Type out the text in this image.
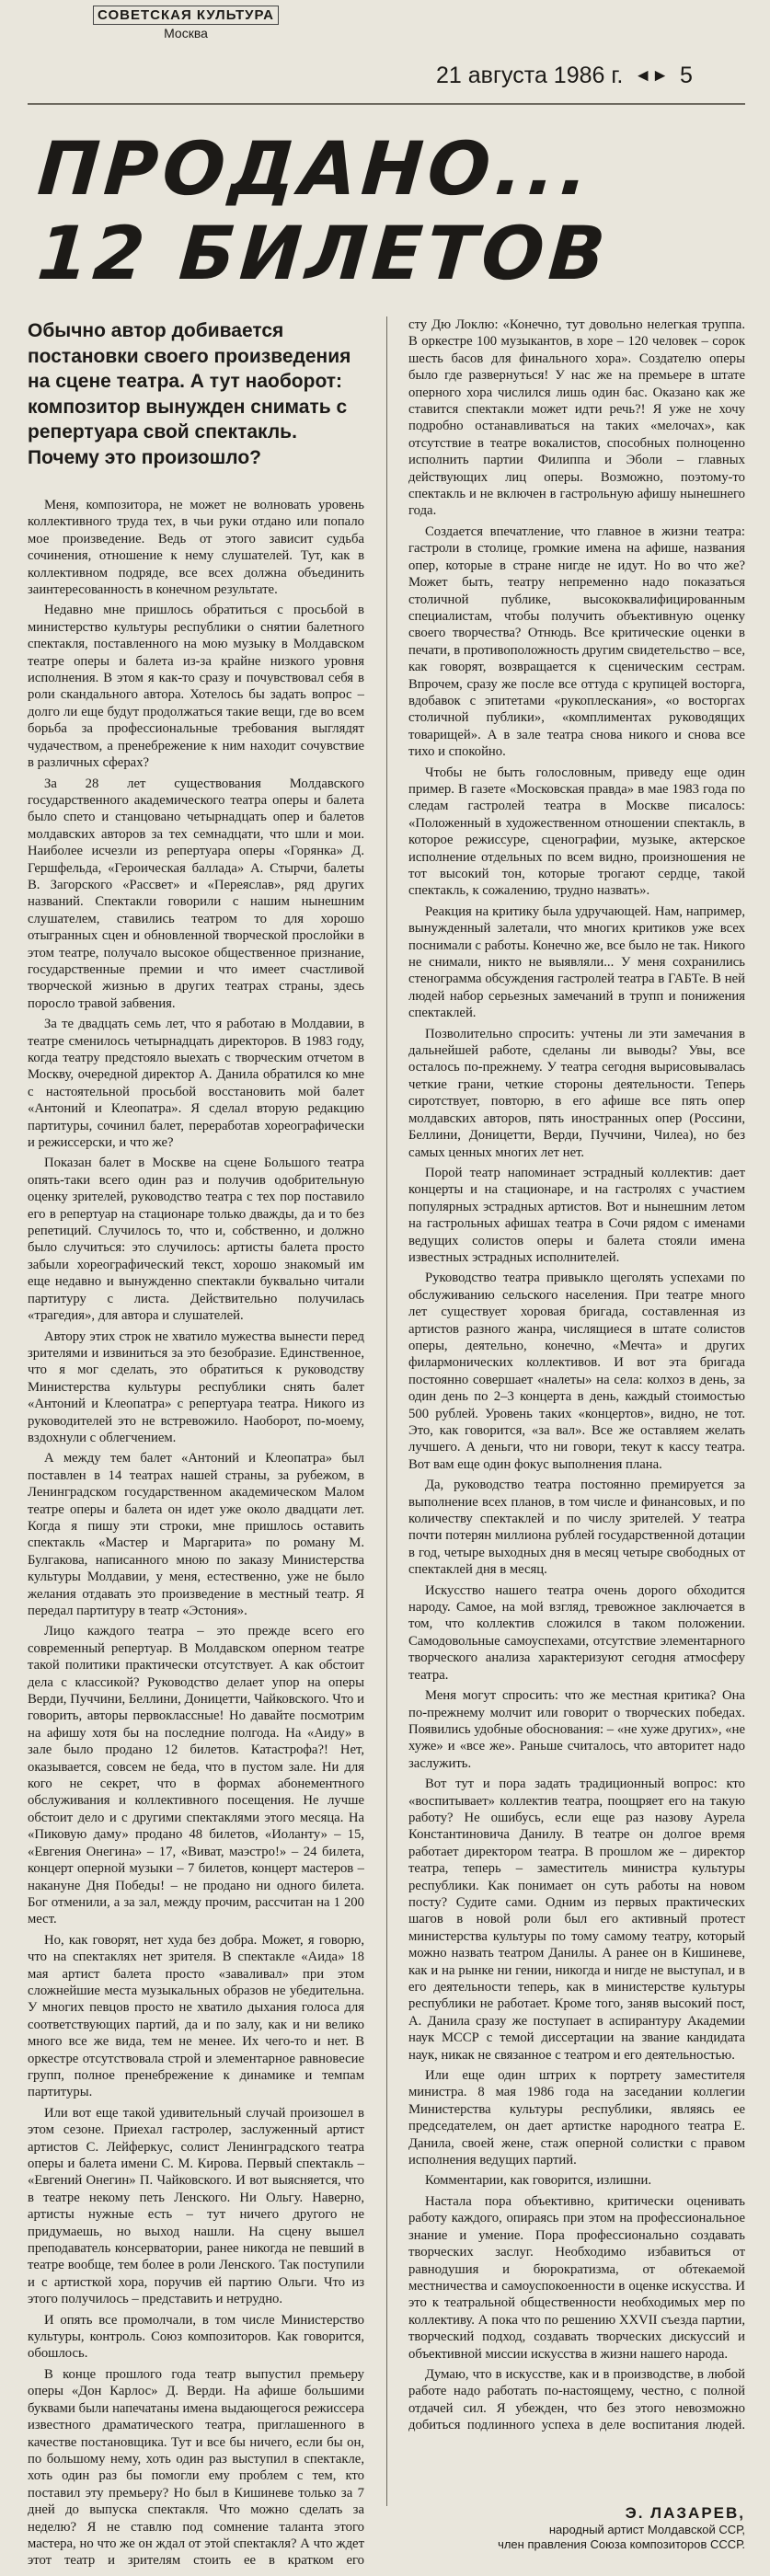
СОВЕТСКАЯ КУЛЬТУРА
Москва
21 августа 1986 г. ◄► 5
ПРОДАНО...
12 БИЛЕТОВ
Обычно автор добивается постановки своего произведения на сцене театра. А тут наоборот: композитор вынужден снимать с репертуара свой спектакль. Почему это произошло?

Меня, композитора, не может не волновать уровень коллективного труда тех, в чьи руки отдано или попало мое произведение. Ведь от этого зависит судьба сочинения, отношение к нему слушателей. Тут, как в коллективном подряде, все всех должна объединить заинтересованность в конечном результате.

Недавно мне пришлось обратиться с просьбой в министерство культуры республики о снятии балетного спектакля, поставленного на мою музыку в Молдавском театре оперы и балета из-за крайне низкого уровня исполнения. В этом я как-то сразу и почувствовал себя в роли скандального автора. Хотелось бы задать вопрос – долго ли еще будут продолжаться такие вещи, где во всем борьба за профессиональные требования выглядят чудачеством, а пренебрежение к ним находит сочувствие в различных сферах?

За 28 лет существования Молдавского государственного академического театра оперы и балета было спето и станцовано четырнадцать опер и балетов молдавских авторов за тех семнадцати, что шли и мои. Наиболее исчезли из репертуара оперы «Горянка» Д. Гершфельда, «Героическая баллада» А. Стырчи, балеты В. Загорского «Рассвет» и «Переяслав», ряд других названий. Спектакли говорили с нашим нынешним слушателем, ставились театром то для хорошо отыгранных сцен и обновленной творческой прослойки в этом театре, получало высокое общественное признание, государственные премии и что имеет счастливой творческой жизнью в других театрах страны, здесь поросло травой забвения.

За те двадцать семь лет, что я работаю в Молдавии, в театре сменилось четырнадцать директоров. В 1983 году, когда театру предстояло выехать с творческим отчетом в Москву, очередной директор А. Данила обратился ко мне с настоятельной просьбой восстановить мой балет «Антоний и Клеопатра». Я сделал вторую редакцию партитуры, сочинил балет, переработав хореографически и режиссерски, и что же?

Показан балет в Москве на сцене Большого театра опять-таки всего один раз и получив одобрительную оценку зрителей, руководство театра с тех пор поставило его в репертуар на стационаре только дважды, да и то без репетиций. Случилось то, что и, собственно, и должно было случиться: это случилось: артисты балета просто забыли хореографический текст, хорошо знакомый им еще недавно и вынужденно спектакли буквально читали партитуру с листа. Действительно получилась «трагедия», для автора и слушателей.

Автору этих строк не хватило мужества вынести перед зрителями и извиниться за это безобразие. Единственное, что я мог сделать, это обратиться к руководству Министерства культуры республики снять балет «Антоний и Клеопатра» с репертуара театра. Никого из руководителей это не встревожило. Наоборот, по-моему, вздохнули с облегчением.

А между тем балет «Антоний и Клеопатра» был поставлен в 14 театрах нашей страны, за рубежом, в Ленинградском государственном академическом Малом театре оперы и балета он идет уже около двадцати лет. Когда я пишу эти строки, мне пришлось оставить спектакль «Мастер и Маргарита» по роману М. Булгакова, написанного мною по заказу Министерства культуры Молдавии, у меня, естественно, уже не было желания отдавать это произведение в местный театр. Я передал партитуру в театр «Эстония».

Лицо каждого театра – это прежде всего его современный репертуар. В Молдавском оперном театре такой политики практически отсутствует. А как обстоит дела с классикой? Руководство делает упор на оперы Верди, Пуччини, Беллини, Доницетти, Чайковского. Что и говорить, авторы первоклассные! Но давайте посмотрим на афишу хотя бы на последние полгода. На «Аиду» в зале было продано 12 билетов. Катастрофа?! Нет, оказывается, совсем не беда, что в пустом зале. Ни для кого не секрет, что в формах абонементного обслуживания и коллективного посещения. Не лучше обстоит дело и с другими спектаклями этого месяца. На «Пиковую даму» продано 48 билетов, «Иоланту» – 15, «Евгения Онегина» – 17, «Виват, маэстро!» – 24 билета, концерт оперной музыки – 7 билетов, концерт мастеров – накануне Дня Победы! – не продано ни одного билета. Бог отменили, а за зал, между прочим, рассчитан на 1 200 мест.

Но, как говорят, нет худа без добра. Может, я говорю, что на спектаклях нет зрителя. В спектакле «Аида» 18 мая артист балета просто «заваливал» при этом сложнейшие места музыкальных образов не убедительна. У многих певцов просто не хватило дыхания голоса для соответствующих партий, да и по залу, как и ни велико много все же вида, тем не менее. Их чего-то и нет. В оркестре отсутствовала строй и элементарное равновесие групп, полное пренебрежение к динамике и темпам партитуры.

Или вот еще такой удивительный случай произошел в этом сезоне. Приехал гастролер, заслуженный артист артистов С. Лейферкус, солист Ленинградского театра оперы и балета имени С. М. Кирова. Первый спектакль – «Евгений Онегин» П. Чайковского. И вот выясняется, что в театре некому петь Ленского. Ни Ольгу. Наверно, артисты нужные есть – тут ничего другого не придумаешь, но выход нашли. На сцену вышел преподаватель консерватории, ранее никогда не певший в театре вообще, тем более в роли Ленского. Так поступили и с артисткой хора, поручив ей партию Ольги. Что из этого получилось – представить и нетрудно.

И опять все промолчали, в том числе Министерство культуры, контроль. Союз композиторов. Как говорится, обошлось.

В конце прошлого года театр выпустил премьеру оперы «Дон Карлос» Д. Верди. На афише большими буквами были напечатаны имена выдающегося режиссера известного драматического театра, приглашенного в качестве постановщика. Тут и все бы ничего, если бы он, по большому нему, хоть один раз выступил в спектакле, хоть один раз бы помогли ему проблем с тем, кто поставил эту премьеру? Но был в Кишиневе только за 7 дней до выпуска спектакля. Что можно сделать за неделю? Я не ставлю под сомнение таланта этого мастера, но что же он ждал от этой спектакля? А что ждет этот театр и зрителям стоить ее в кратком его

сту Дю Локлю: «Конечно, тут довольно нелегкая труппа. В оркестре 100 музыкантов, в хоре – 120 человек – сорок шесть басов для финального хора». Создателю оперы было где развернуться! У нас же на премьере в штате оперного хора числился лишь один бас. Оказано как же ставится спектакли может идти речь?! Я уже не хочу подробно останавливаться на таких «мелочах», как отсутствие в театре вокалистов, способных полноценно исполнить партии Филиппа и Эболи – главных действующих лиц оперы. Возможно, поэтому-то спектакль и не включен в гастрольную афишу нынешнего года.

Создается впечатление, что главное в жизни театра: гастроли в столице, громкие имена на афише, названия опер, которые в стране нигде не идут. Но во что же? Может быть, театру непременно надо показаться столичной публике, высококвалифицированным специалистам, чтобы получить объективную оценку своего творчества? Отнюдь. Все критические оценки в печати, в противоположность другим свидетельство – все, как говорят, возвращается к сценическим сестрам. Впрочем, сразу же после все оттуда с крупицей восторга, вдобавок с эпитетами «рукоплескания», «о восторгах столичной публики», «комплиментах руководящих товарищей». А в зале театра снова никого и снова все тихо и спокойно.

Чтобы не быть голословным, приведу еще один пример. В газете «Московская правда» в мае 1983 года по следам гастролей театра в Москве писалось: «Положенный в художественном отношении спектакль, в которое режиссуре, сценографии, музыке, актерское исполнение отдельных по всем видно, произношения не тот высокий тон, которые трогают сердце, такой спектакль, к сожалению, трудно назвать».

Реакция на критику была удручающей. Нам, например, вынужденный залетали, что многих критиков уже всех поснимали с работы. Конечно же, все было не так. Никого не снимали, никто не выявляли... У меня сохранились стенограмма обсуждения гастролей театра в ГАБТе. В ней людей набор серьезных замечаний в трупп и понижения спектаклей.

Позволительно спросить: учтены ли эти замечания в дальнейшей работе, сделаны ли выводы? Увы, все осталось по-прежнему. У театра сегодня вырисовывалась четкие грани, четкие стороны деятельности. Теперь сиротствует, повторю, в его афише все пять опер молдавских авторов, пять иностранных опер (Россини, Беллини, Доницетти, Верди, Пуччини, Чилеа), но без самых ценных многих лет нет.

Порой театр напоминает эстрадный коллектив: дает концерты и на стационаре, и на гастролях с участием популярных эстрадных артистов. Вот и нынешним летом на гастрольных афишах театра в Сочи рядом с именами ведущих солистов оперы и балета стояли имена известных эстрадных исполнителей.

Руководство театра привыкло щеголять успехами по обслуживанию сельского населения. При театре много лет существует хоровая бригада, составленная из артистов разного жанра, числящиеся в штате солистов оперы, деятельно, конечно, «Мечта» и других филармонических коллективов. И вот эта бригада постоянно совершает «налеты» на села: колхоз в день, за один день по 2–3 концерта в день, каждый стоимостью 500 рублей. Уровень таких «концертов», видно, не тот. Это, как говорится, «за вал». Все же оставляем желать лучшего. А деньги, что ни говори, текут к кассу театра. Вот вам еще один фокус выполнения плана.

Да, руководство театра постоянно премируется за выполнение всех планов, в том числе и финансовых, и по количеству спектаклей и по числу зрителей. У театра почти потерян миллиона рублей государственной дотации в год, четыре выходных дня в месяц четыре свободных от спектаклей дня в месяц.

Искусство нашего театра очень дорого обходится народу. Самое, на мой взгляд, тревожное заключается в том, что коллектив сложился в таком положении. Самодовольные самоуспехами, отсутствие элементарного творческого анализа характеризуют сегодня атмосферу театра.

Меня могут спросить: что же местная критика? Она по-прежнему молчит или говорит о творческих победах. Появились удобные обоснования: – «не хуже других», «не хуже» и «все же». Раньше считалось, что авторитет надо заслужить.

Вот тут и пора задать традиционный вопрос: кто «воспитывает» коллектив театра, поощряет его на такую работу? Не ошибусь, если еще раз назову Аурела Константиновича Данилу. В театре он долгое время работает директором театра. В прошлом же – директор театра, теперь – заместитель министра культуры республики. Как понимает он суть работы на новом посту? Судите сами. Одним из первых практических шагов в новой роли был его активный протест министерства культуры по тому самому театру, который можно назвать театром Данилы. А ранее он в Кишиневе, как и на рынке ни гении, никогда и нигде не выступал, и в его деятельности теперь, как в министерстве культуры республики не работает. Кроме того, заняв высокий пост, А. Данила сразу же поступает в аспирантуру Академии наук МССР с темой диссертации на звание кандидата наук, никак не связанное с театром и его деятельностью.

Или еще один штрих к портрету заместителя министра. 8 мая 1986 года на заседании коллегии Министерства культуры республики, являясь ее председателем, он дает артистке народного театра Е. Данила, своей жене, стаж оперной солистки с правом исполнения ведущих партий.

Комментарии, как говорится, излишни.

Настала пора объективно, критически оценивать работу каждого, опираясь при этом на профессиональное знание и умение. Пора профессионально создавать творческих заслуг. Необходимо избавиться от равнодушия и бюрократизма, от обтекаемой местничества и самоуспокоенности в оценке искусства. И это к театральной общественности необходимых мер по коллективу. А пока что по решению XXVII съезда партии, творческий подход, создавать творческих дискуссий и объективной миссии искусства в жизни нашего народа.

Думаю, что в искусстве, как и в производстве, в любой работе надо работать по-настоящему, честно, с полной отдачей сил. Я убежден, что без этого невозможно добиться подлинного успеха в деле воспитания людей.

Э. ЛАЗАРЕВ,
народный артист Молдавской ССР,
член правления Союза композиторов СССР.
